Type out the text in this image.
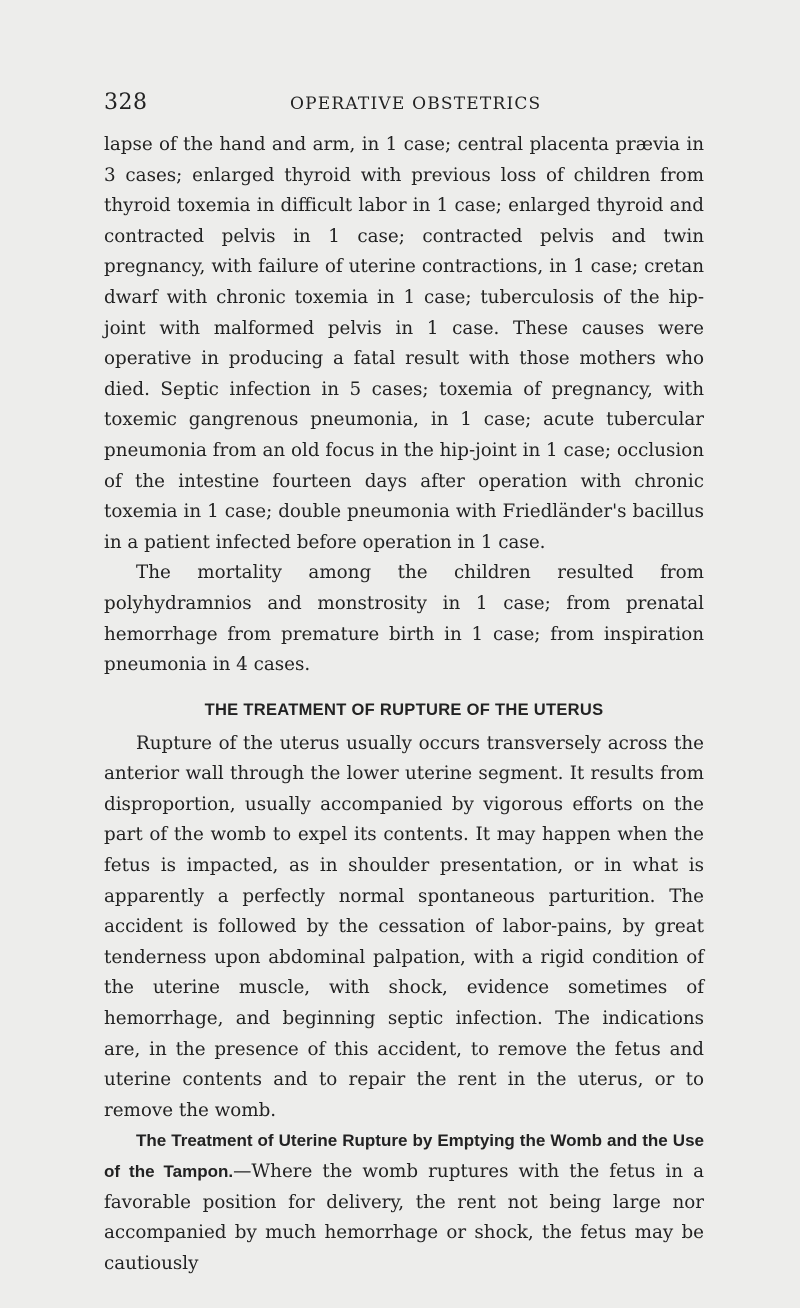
328	OPERATIVE OBSTETRICS

lapse of the hand and arm, in 1 case; central placenta prævia in 3 cases; enlarged thyroid with previous loss of children from thyroid toxemia in difficult labor in 1 case; enlarged thyroid and contracted pelvis in 1 case; contracted pelvis and twin pregnancy, with failure of uterine contractions, in 1 case; cretan dwarf with chronic toxemia in 1 case; tuberculosis of the hip-joint with malformed pelvis in 1 case. These causes were operative in producing a fatal result with those mothers who died. Septic infection in 5 cases; toxemia of pregnancy, with toxemic gangrenous pneumonia, in 1 case; acute tubercular pneumonia from an old focus in the hip-joint in 1 case; occlusion of the intestine fourteen days after operation with chronic toxemia in 1 case; double pneumonia with Friedländer's bacillus in a patient infected before operation in 1 case.

The mortality among the children resulted from polyhydramnios and monstrosity in 1 case; from prenatal hemorrhage from premature birth in 1 case; from inspiration pneumonia in 4 cases.

THE TREATMENT OF RUPTURE OF THE UTERUS

Rupture of the uterus usually occurs transversely across the anterior wall through the lower uterine segment. It results from disproportion, usually accompanied by vigorous efforts on the part of the womb to expel its contents. It may happen when the fetus is impacted, as in shoulder presentation, or in what is apparently a perfectly normal spontaneous parturition. The accident is followed by the cessation of labor-pains, by great tenderness upon abdominal palpation, with a rigid condition of the uterine muscle, with shock, evidence sometimes of hemorrhage, and beginning septic infection. The indications are, in the presence of this accident, to remove the fetus and uterine contents and to repair the rent in the uterus, or to remove the womb.

The Treatment of Uterine Rupture by Emptying the Womb and the Use of the Tampon.—Where the womb ruptures with the fetus in a favorable position for delivery, the rent not being large nor accompanied by much hemorrhage or shock, the fetus may be cautiously
